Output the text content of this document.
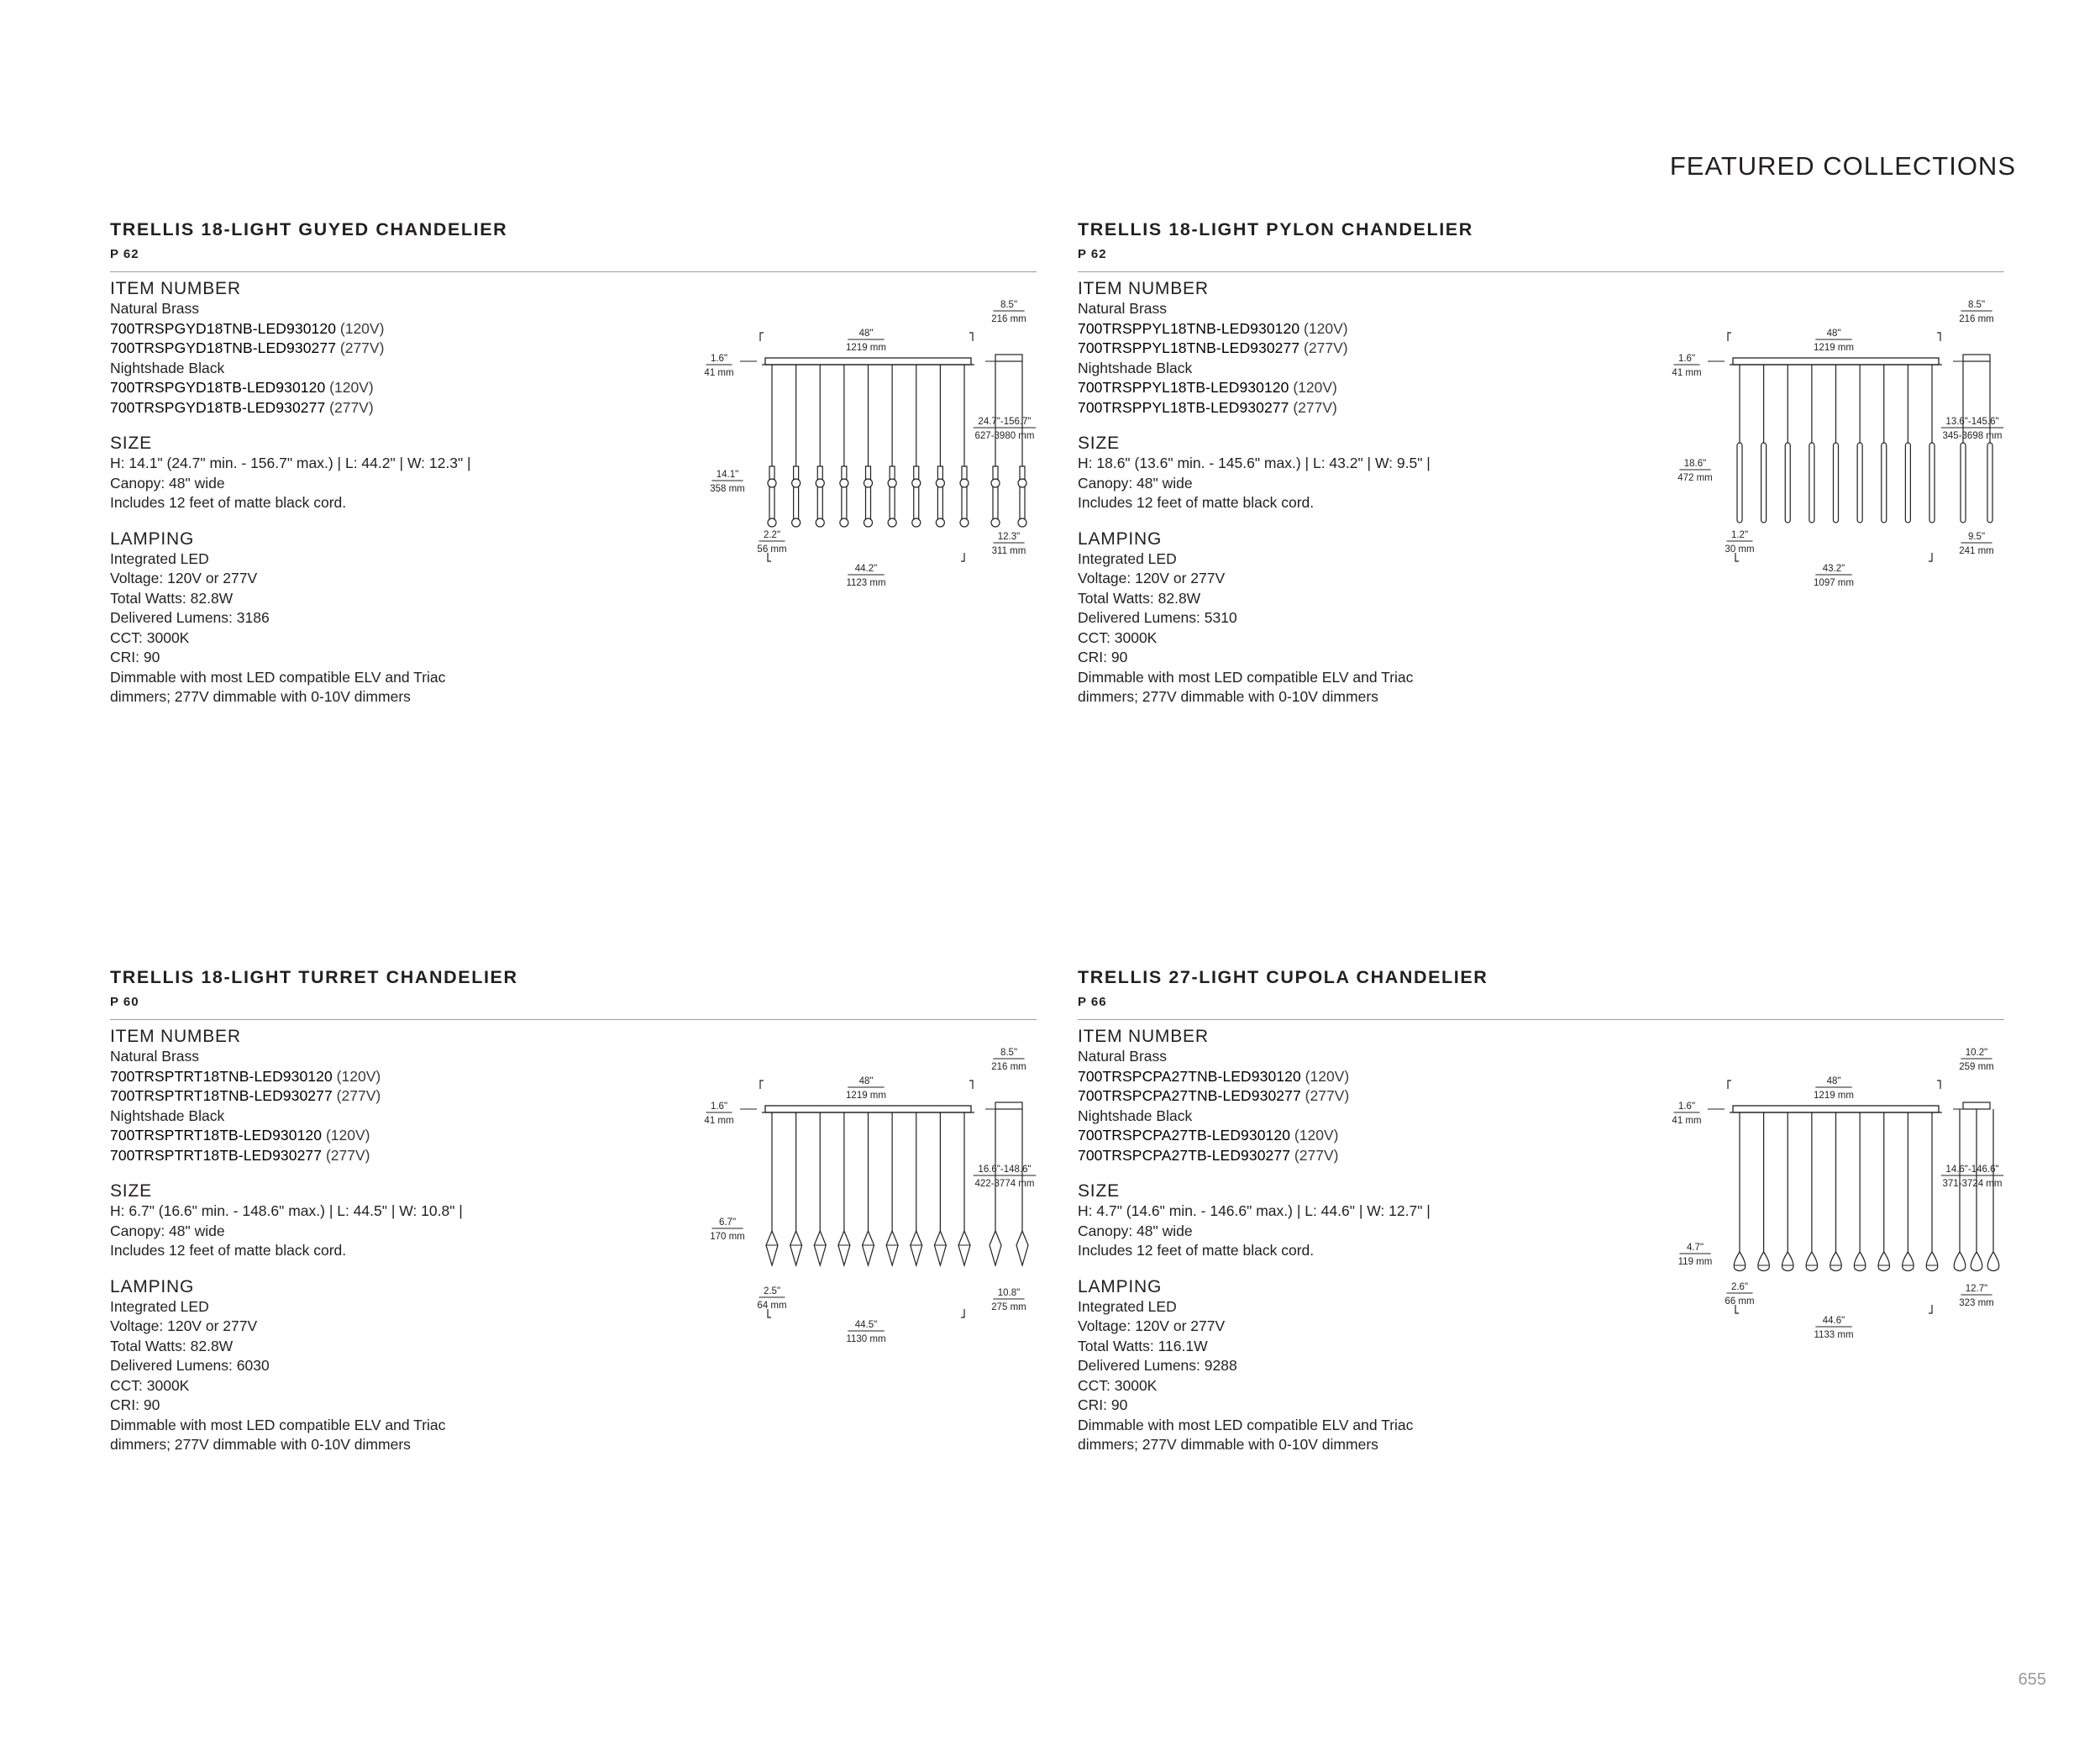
FEATURED COLLECTIONS
TRELLIS 18-LIGHT GUYED CHANDELIER
P 62
ITEM NUMBER
Natural Brass
700TRSPGYD18TNB-LED930120 (120V)
700TRSPGYD18TNB-LED930277 (277V)
Nightshade Black
700TRSPGYD18TB-LED930120 (120V)
700TRSPGYD18TB-LED930277 (277V)
SIZE
H: 14.1" (24.7" min. - 156.7" max.) | L: 44.2" | W: 12.3" |
Canopy: 48" wide
Includes 12 feet of matte black cord.
LAMPING
Integrated LED
Voltage: 120V or 277V
Total Watts: 82.8W
Delivered Lumens: 3186
CCT: 3000K
CRI: 90
Dimmable with most LED compatible ELV and Triac
dimmers; 277V dimmable with 0-10V dimmers
48"
1219 mm
1.6"
41 mm
14.1"
358 mm
24.7"-156.7"
627-3980 mm
2.2"
56 mm
44.2"
1123 mm
8.5"
216 mm
12.3"
311 mm
TRELLIS 18-LIGHT PYLON CHANDELIER
P 62
ITEM NUMBER
Natural Brass
700TRSPPYL18TNB-LED930120 (120V)
700TRSPPYL18TNB-LED930277 (277V)
Nightshade Black
700TRSPPYL18TB-LED930120 (120V)
700TRSPPYL18TB-LED930277 (277V)
SIZE
H: 18.6" (13.6" min. - 145.6" max.) | L: 43.2" | W: 9.5" |
Canopy: 48" wide
Includes 12 feet of matte black cord.
LAMPING
Integrated LED
Voltage: 120V or 277V
Total Watts: 82.8W
Delivered Lumens: 5310
CCT: 3000K
CRI: 90
Dimmable with most LED compatible ELV and Triac
dimmers; 277V dimmable with 0-10V dimmers
48"
1219 mm
1.6"
41 mm
18.6"
472 mm
13.6"-145.6"
345-3698 mm
1.2"
30 mm
43.2"
1097 mm
8.5"
216 mm
9.5"
241 mm
TRELLIS 18-LIGHT TURRET CHANDELIER
P 60
ITEM NUMBER
Natural Brass
700TRSPTRT18TNB-LED930120 (120V)
700TRSPTRT18TNB-LED930277 (277V)
Nightshade Black
700TRSPTRT18TB-LED930120 (120V)
700TRSPTRT18TB-LED930277 (277V)
SIZE
H: 6.7" (16.6" min. - 148.6" max.) | L: 44.5" | W: 10.8" |
Canopy: 48" wide
Includes 12 feet of matte black cord.
LAMPING
Integrated LED
Voltage: 120V or 277V
Total Watts: 82.8W
Delivered Lumens: 6030
CCT: 3000K
CRI: 90
Dimmable with most LED compatible ELV and Triac
dimmers; 277V dimmable with 0-10V dimmers
48"
1219 mm
1.6"
41 mm
6.7"
170 mm
16.6"-148.6"
422-3774 mm
2.5"
64 mm
44.5"
1130 mm
8.5"
216 mm
10.8"
275 mm
TRELLIS 27-LIGHT CUPOLA CHANDELIER
P 66
ITEM NUMBER
Natural Brass
700TRSPCPA27TNB-LED930120 (120V)
700TRSPCPA27TNB-LED930277 (277V)
Nightshade Black
700TRSPCPA27TB-LED930120 (120V)
700TRSPCPA27TB-LED930277 (277V)
SIZE
H: 4.7" (14.6" min. - 146.6" max.) | L: 44.6" | W: 12.7" |
Canopy: 48" wide
Includes 12 feet of matte black cord.
LAMPING
Integrated LED
Voltage: 120V or 277V
Total Watts: 116.1W
Delivered Lumens: 9288
CCT: 3000K
CRI: 90
Dimmable with most LED compatible ELV and Triac
dimmers; 277V dimmable with 0-10V dimmers
48"
1219 mm
1.6"
41 mm
4.7"
119 mm
14.6"-146.6"
371-3724 mm
2.6"
66 mm
44.6"
1133 mm
10.2"
259 mm
12.7"
323 mm
655
